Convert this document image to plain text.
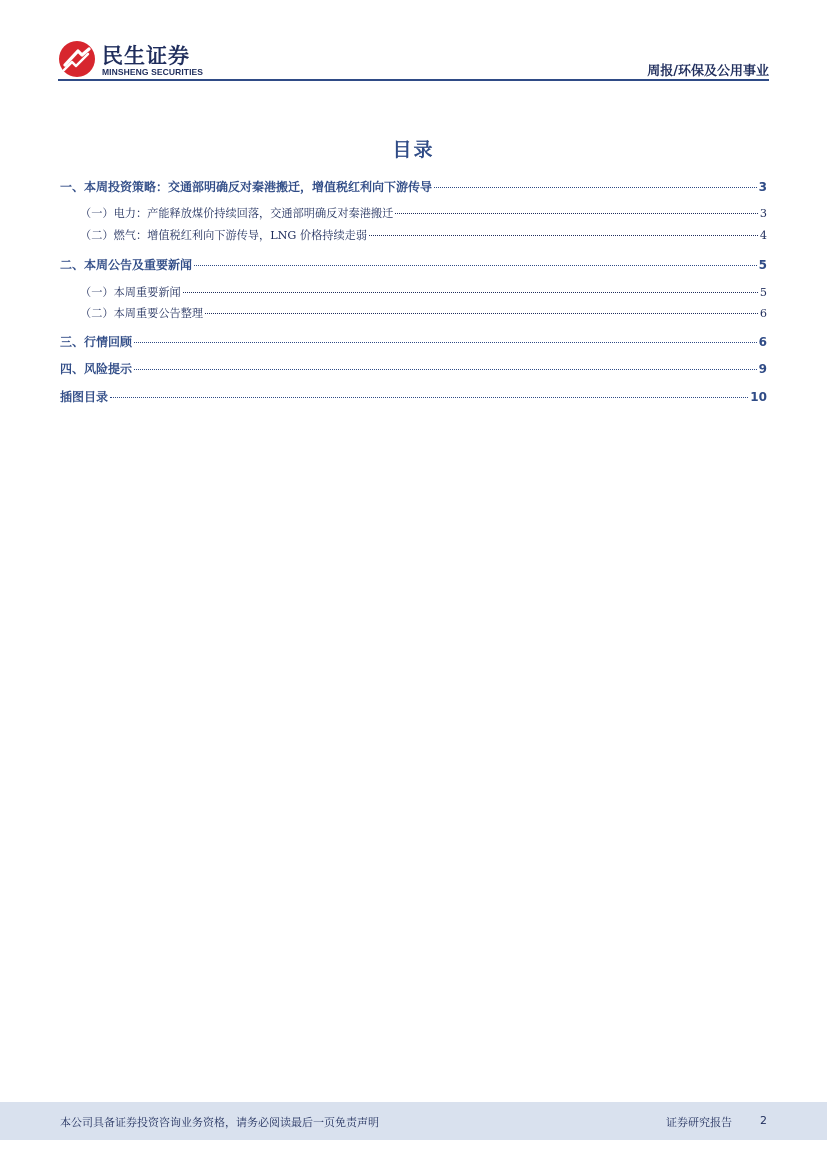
民生证券
MINSHENG SECURITIES	周报/环保及公用事业
目录
一、本周投资策略：交通部明确反对秦港搬迁，增值税红利向下游传导	3
（一）电力：产能释放煤价持续回落，交通部明确反对秦港搬迁	3
（二）燃气：增值税红利向下游传导，LNG 价格持续走弱	4
二、本周公告及重要新闻	5
（一）本周重要新闻	5
（二）本周重要公告整理	6
三、行情回顾	6
四、风险提示	9
插图目录	10
本公司具备证券投资咨询业务资格，请务必阅读最后一页免责声明	证券研究报告	2
